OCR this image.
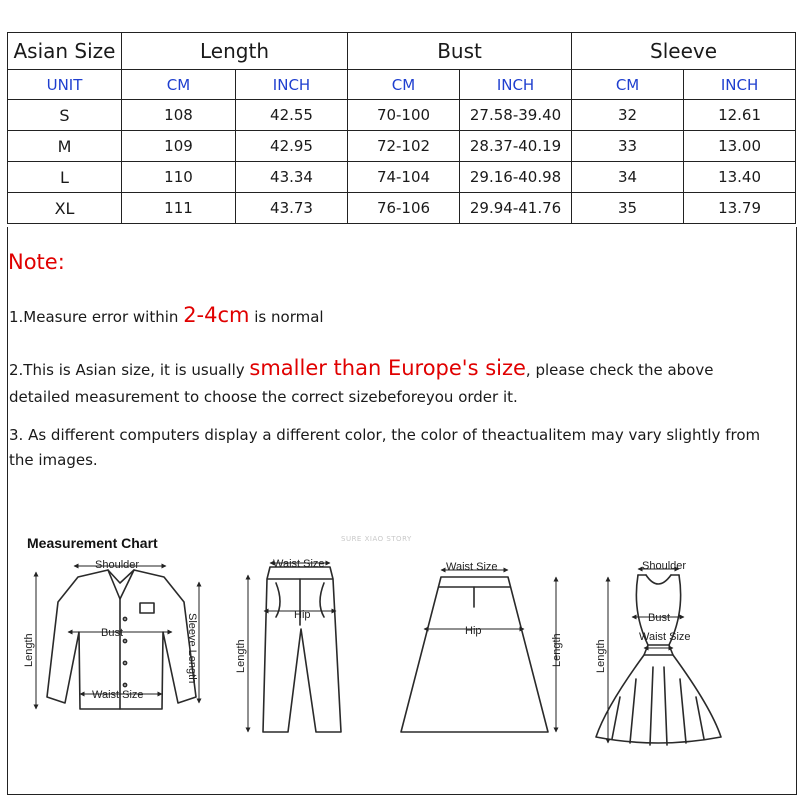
Asian Size	Length		Bust		Sleeve	
UNIT	CM	INCH	CM	INCH	CM	INCH
S	108	42.55	70-100	27.58-39.40	32	12.61
M	109	42.95	72-102	28.37-40.19	33	13.00
L	110	43.34	74-104	29.16-40.98	34	13.40
XL	111	43.73	76-106	29.94-41.76	35	13.79
Note:
1.Measure error within 2-4cm is normal
2.This is Asian size, it is usually smaller than Europe's size, please check the above detailed measurement to choose the correct sizebeforeyou order it.
3. As different computers display a different color, the color of theactualitem may vary slightly from the images.
Measurement Chart	SURE XIAO STORY
Shoulder
Bust
Waist Size
Length	Sleeve Length
Waist Size
Hip
Length
Waist Size
Hip
Length
Shoulder
Bust
Waist Size
Length
